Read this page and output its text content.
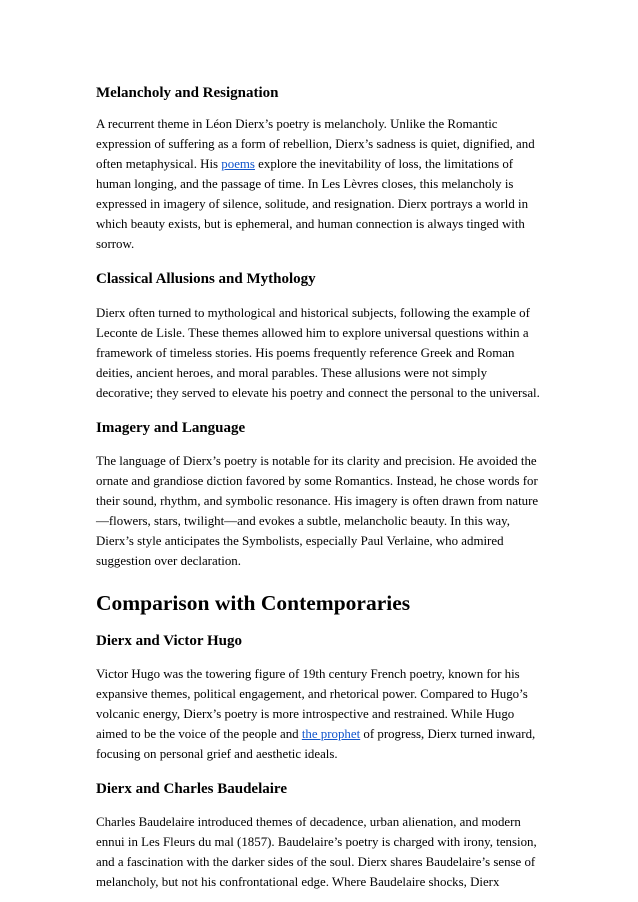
Melancholy and Resignation

A recurrent theme in Léon Dierx’s poetry is melancholy. Unlike the Romantic
expression of suffering as a form of rebellion, Dierx’s sadness is quiet, dignified, and
often metaphysical. His poems explore the inevitability of loss, the limitations of
human longing, and the passage of time. In Les Lèvres closes, this melancholy is
expressed in imagery of silence, solitude, and resignation. Dierx portrays a world in
which beauty exists, but is ephemeral, and human connection is always tinged with
sorrow.

Classical Allusions and Mythology

Dierx often turned to mythological and historical subjects, following the example of
Leconte de Lisle. These themes allowed him to explore universal questions within a
framework of timeless stories. His poems frequently reference Greek and Roman
deities, ancient heroes, and moral parables. These allusions were not simply
decorative; they served to elevate his poetry and connect the personal to the universal.

Imagery and Language

The language of Dierx’s poetry is notable for its clarity and precision. He avoided the
ornate and grandiose diction favored by some Romantics. Instead, he chose words for
their sound, rhythm, and symbolic resonance. His imagery is often drawn from nature
—flowers, stars, twilight—and evokes a subtle, melancholic beauty. In this way,
Dierx’s style anticipates the Symbolists, especially Paul Verlaine, who admired
suggestion over declaration.

Comparison with Contemporaries
Dierx and Victor Hugo

Victor Hugo was the towering figure of 19th century French poetry, known for his
expansive themes, political engagement, and rhetorical power. Compared to Hugo’s
volcanic energy, Dierx’s poetry is more introspective and restrained. While Hugo
aimed to be the voice of the people and the prophet of progress, Dierx turned inward,
focusing on personal grief and aesthetic ideals.

Dierx and Charles Baudelaire

Charles Baudelaire introduced themes of decadence, urban alienation, and modern
ennui in Les Fleurs du mal (1857). Baudelaire’s poetry is charged with irony, tension,
and a fascination with the darker sides of the soul. Dierx shares Baudelaire’s sense of
melancholy, but not his confrontational edge. Where Baudelaire shocks, Dierx
